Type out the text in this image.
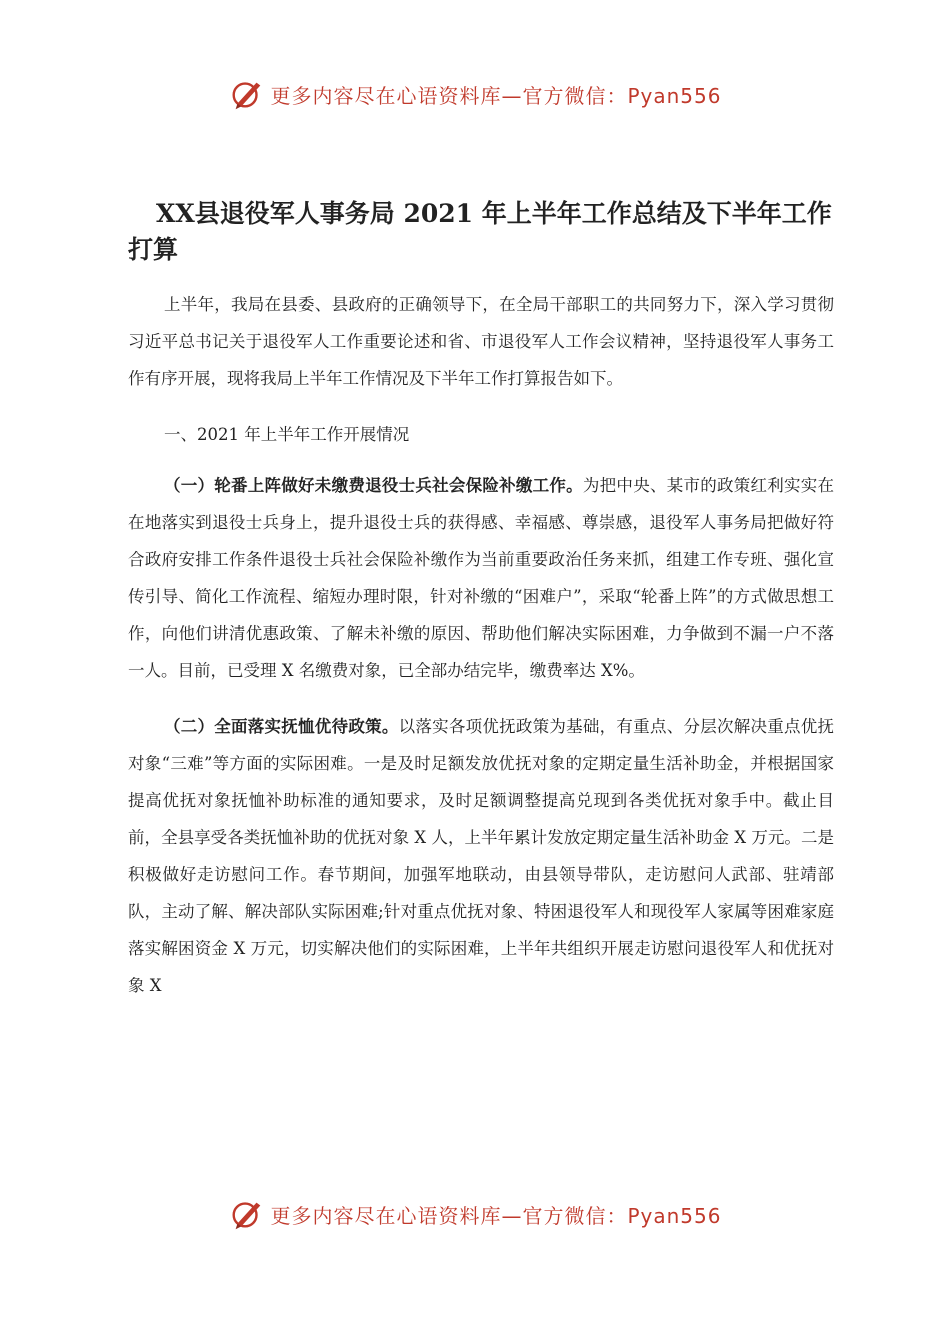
更多内容尽在心语资料库—官方微信：Pyan556
XX县退役军人事务局 2021 年上半年工作总结及下半年工作打算

上半年，我局在县委、县政府的正确领导下，在全局干部职工的共同努力下，深入学习贯彻习近平总书记关于退役军人工作重要论述和省、市退役军人工作会议精神，坚持退役军人事务工作有序开展，现将我局上半年工作情况及下半年工作打算报告如下。

一、2021 年上半年工作开展情况

（一）轮番上阵做好未缴费退役士兵社会保险补缴工作。为把中央、某市的政策红利实实在在地落实到退役士兵身上，提升退役士兵的获得感、幸福感、尊崇感，退役军人事务局把做好符合政府安排工作条件退役士兵社会保险补缴作为当前重要政治任务来抓，组建工作专班、强化宣传引导、简化工作流程、缩短办理时限，针对补缴的“困难户”，采取“轮番上阵”的方式做思想工作，向他们讲清优惠政策、了解未补缴的原因、帮助他们解决实际困难，力争做到不漏一户不落一人。目前，已受理 X 名缴费对象，已全部办结完毕，缴费率达 X%。

（二）全面落实抚恤优待政策。以落实各项优抚政策为基础，有重点、分层次解决重点优抚对象“三难”等方面的实际困难。一是及时足额发放优抚对象的定期定量生活补助金，并根据国家提高优抚对象抚恤补助标准的通知要求，及时足额调整提高兑现到各类优抚对象手中。截止目前，全县享受各类抚恤补助的优抚对象 X 人，上半年累计发放定期定量生活补助金 X 万元。二是积极做好走访慰问工作。春节期间，加强军地联动，由县领导带队，走访慰问人武部、驻靖部队，主动了解、解决部队实际困难;针对重点优抚对象、特困退役军人和现役军人家属等困难家庭落实解困资金 X 万元，切实解决他们的实际困难，上半年共组织开展走访慰问退役军人和优抚对象 X

更多内容尽在心语资料库—官方微信：Pyan556
